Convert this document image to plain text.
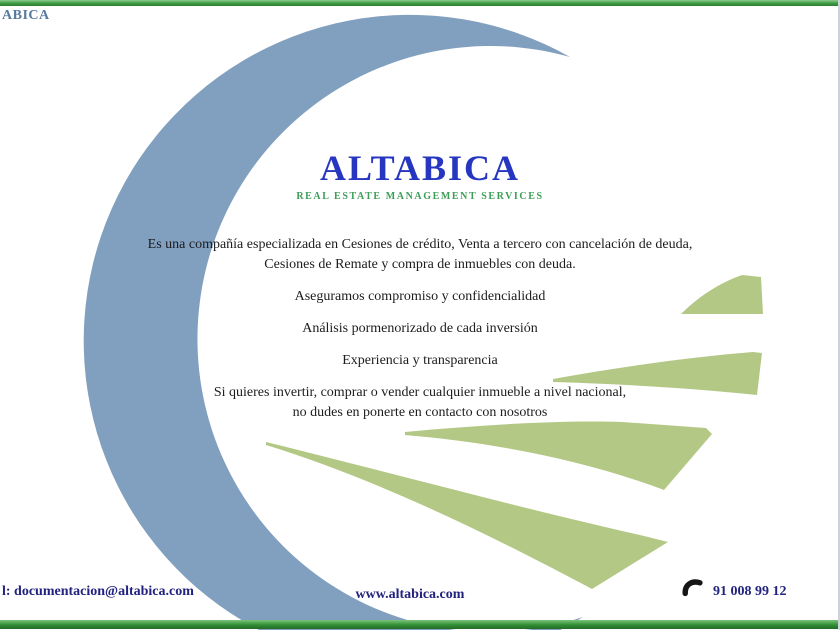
ABICA
ALTABICA
REAL ESTATE MANAGEMENT SERVICES
Es una compañía especializada en Cesiones de crédito, Venta a tercero con cancelación de deuda,
Cesiones de Remate y compra de inmuebles con deuda.
Aseguramos compromiso y confidencialidad
Análisis pormenorizado de cada inversión
Experiencia y transparencia
Si quieres invertir, comprar o vender cualquier inmueble a nivel nacional,
no dudes en ponerte en contacto con nosotros
l: documentacion@altabica.com	www.altabica.com	91 008 99 12
